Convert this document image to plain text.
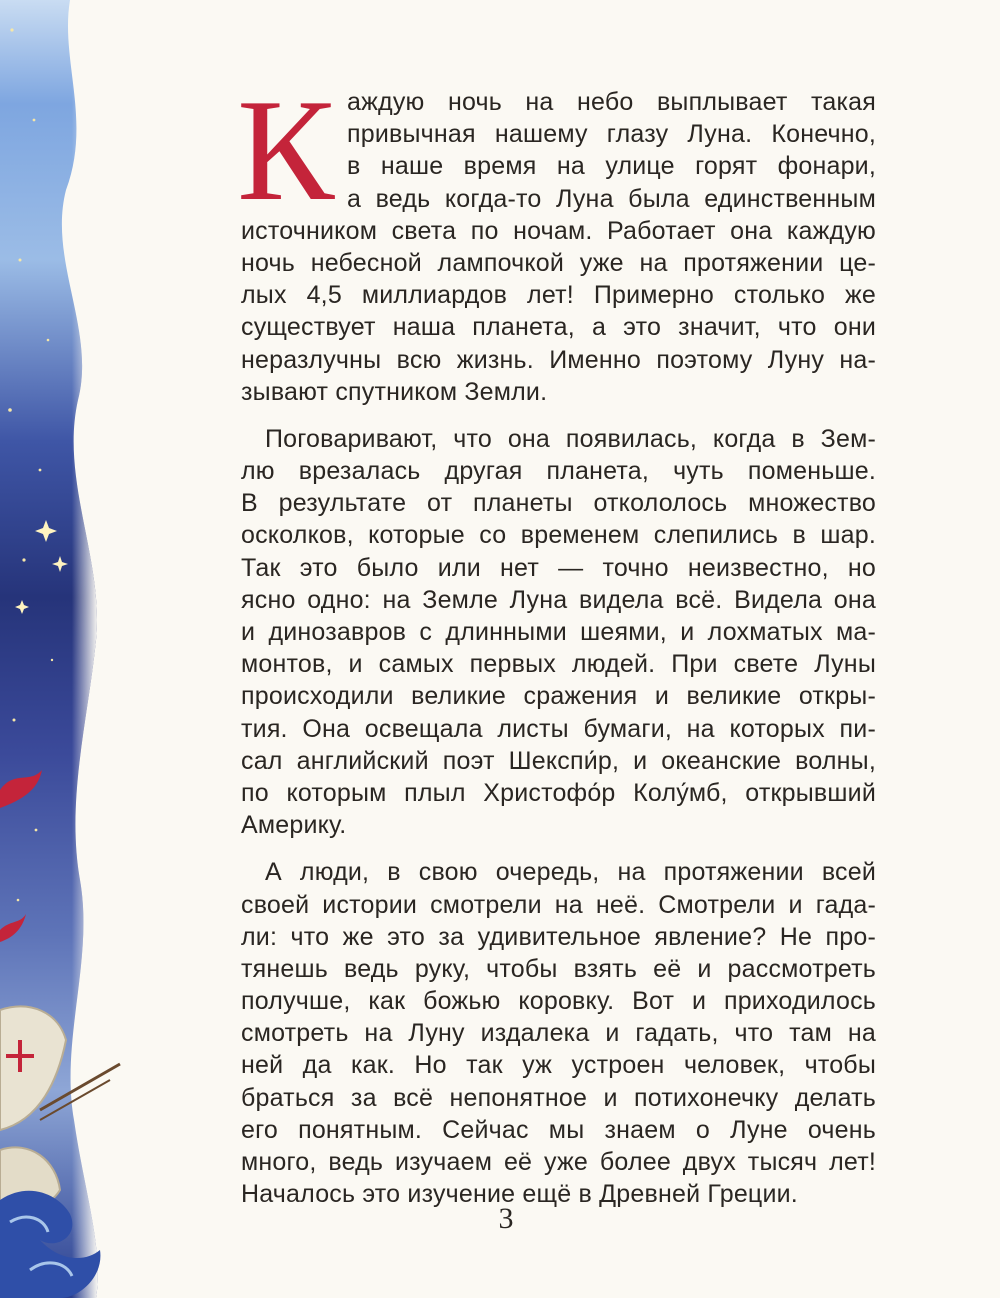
К аждую ночь на небо выплывает такая
привычная нашему глазу Луна. Конечно,
в наше время на улице горят фонари,
а ведь когда-то Луна была единственным
источником света по ночам. Работает она каждую
ночь небесной лампочкой уже на протяжении це-
лых 4,5 миллиардов лет! Примерно столько же
существует наша планета, а это значит, что они
неразлучны всю жизнь. Именно поэтому Луну на-
зывают спутником Земли.
Поговаривают, что она появилась, когда в Зем-
лю врезалась другая планета, чуть поменьше.
В результате от планеты откололось множество
осколков, которые со временем слепились в шар.
Так это было или нет — точно неизвестно, но
ясно одно: на Земле Луна видела всё. Видела она
и динозавров с длинными шеями, и лохматых ма-
монтов, и самых первых людей. При свете Луны
происходили великие сражения и великие откры-
тия. Она освещала листы бумаги, на которых пи-
сал английский поэт Шекспи́р, и океанские волны,
по которым плыл Христофо́р Колу́мб, открывший
Америку.
А люди, в свою очередь, на протяжении всей
своей истории смотрели на неё. Смотрели и гада-
ли: что же это за удивительное явление? Не про-
тянешь ведь руку, чтобы взять её и рассмотреть
получше, как божью коровку. Вот и приходилось
смотреть на Луну издалека и гадать, что там на
ней да как. Но так уж устроен человек, чтобы
браться за всё непонятное и потихонечку делать
его понятным. Сейчас мы знаем о Луне очень
много, ведь изучаем её уже более двух тысяч лет!
Началось это изучение ещё в Древней Греции.
3
